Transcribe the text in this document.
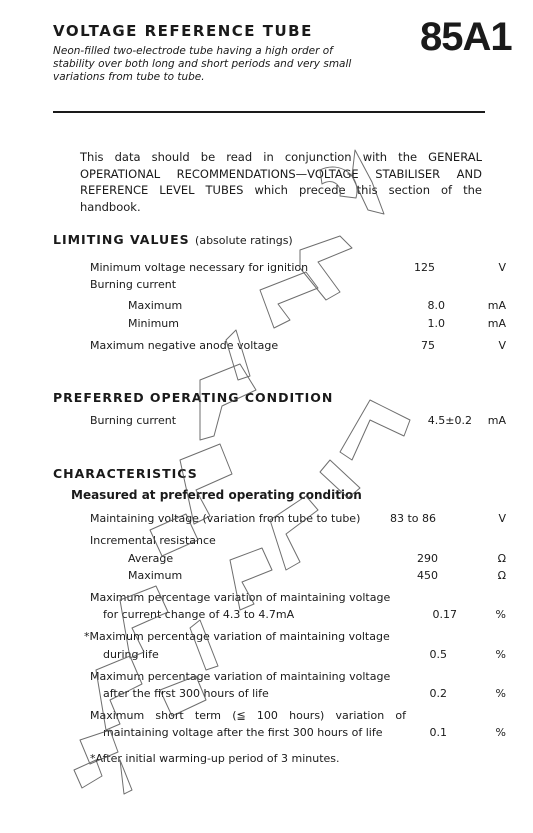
VOLTAGE REFERENCE TUBE
Neon-filled two-electrode tube having a high order of stability over both long and short periods and very small variations from tube to tube.
85A1
This data should be read in conjunction with the GENERAL OPERATIONAL RECOMMENDATIONS—VOLTAGE STABILISER AND REFERENCE LEVEL TUBES which precede this section of the handbook.
LIMITING VALUES (absolute ratings)
Minimum voltage necessary for ignition	125	V
Burning current
Maximum	8.0	mA
Minimum	1.0	mA
Maximum negative anode voltage	75	V
PREFERRED OPERATING CONDITION
Burning current	4.5±0.2	mA
CHARACTERISTICS
Measured at preferred operating condition
Maintaining voltage (variation from tube to tube)	83 to 86	V
Incremental resistance
Average	290	Ω
Maximum	450	Ω
Maximum percentage variation of maintaining voltage
for current change of 4.3 to 4.7mA	0.17	%
*Maximum percentage variation of maintaining voltage
during life	0.5	%
Maximum percentage variation of maintaining voltage
after the first 300 hours of life	0.2	%
Maximum short term (≦ 100 hours) variation of
maintaining voltage after the first 300 hours of life	0.1	%
*After initial warming-up period of 3 minutes.
